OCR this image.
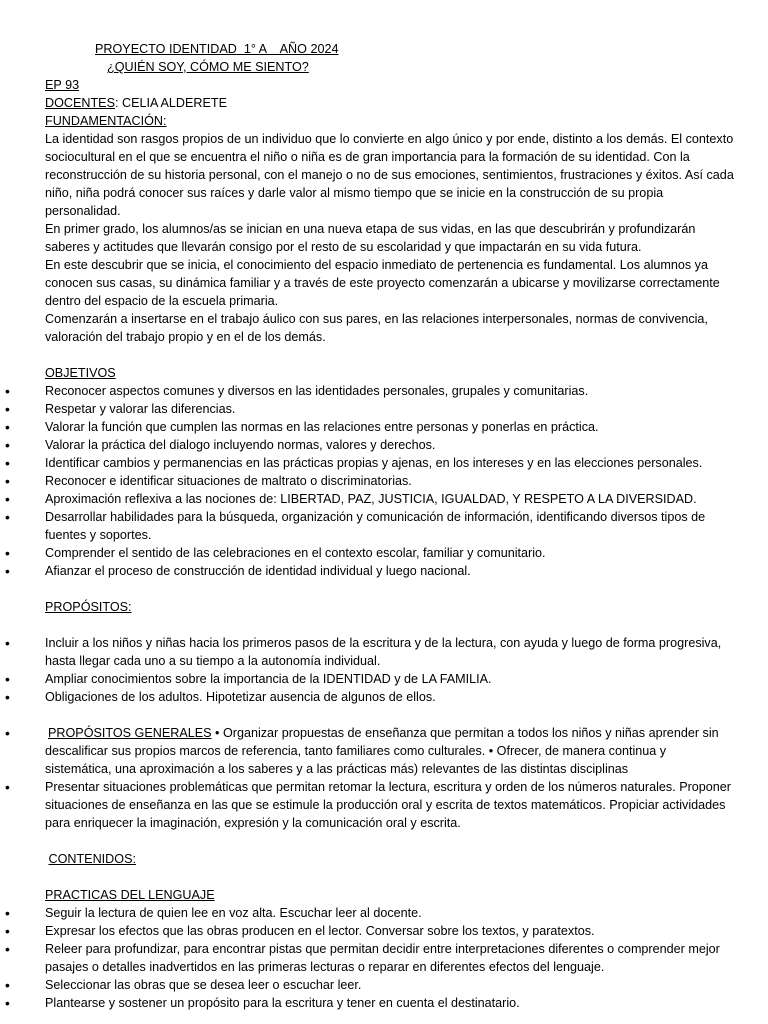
PROYECTO IDENTIDAD  1° A    AÑO 2024
¿QUIÉN SOY, CÓMO ME SIENTO?
EP 93
DOCENTES: CELIA ALDERETE
FUNDAMENTACIÓN:

La identidad son rasgos propios de un individuo que lo convierte en algo único y por ende, distinto a los demás. El contexto sociocultural en el que se encuentra el niño o niña es de gran importancia para la formación de su identidad. Con la reconstrucción de su historia personal, con el manejo o no de sus emociones, sentimientos, frustraciones y éxitos. Así cada niño, niña podrá conocer sus raíces y darle valor al mismo tiempo que se inicie en la construcción de su propia personalidad.

En primer grado, los alumnos/as se inician en una nueva etapa de sus vidas, en las que descubrirán y profundizarán saberes y actitudes que llevarán consigo por el resto de su escolaridad y que impactarán en su vida futura.

En este descubrir que se inicia, el conocimiento del espacio inmediato de pertenencia es fundamental. Los alumnos ya conocen sus casas, su dinámica familiar y a través de este proyecto comenzarán a ubicarse y movilizarse correctamente dentro del espacio de la escuela primaria.

Comenzarán a insertarse en el trabajo áulico con sus pares, en las relaciones interpersonales, normas de convivencia, valoración del trabajo propio y en el de los demás.

OBJETIVOS
• Reconocer aspectos comunes y diversos en las identidades personales, grupales y comunitarias.
• Respetar y valorar las diferencias.
• Valorar la función que cumplen las normas en las relaciones entre personas y ponerlas en práctica.
• Valorar la práctica del dialogo incluyendo normas, valores y derechos.
• Identificar cambios y permanencias en las prácticas propias y ajenas, en los intereses y en las elecciones personales.
• Reconocer e identificar situaciones de maltrato o discriminatorias.
• Aproximación reflexiva a las nociones de: LIBERTAD, PAZ, JUSTICIA, IGUALDAD, Y RESPETO A LA DIVERSIDAD.
• Desarrollar habilidades para la búsqueda, organización y comunicación de información, identificando diversos tipos de fuentes y soportes.
• Comprender el sentido de las celebraciones en el contexto escolar, familiar y comunitario.
• Afianzar el proceso de construcción de identidad individual y luego nacional.
PROPÓSITOS:
• Incluir a los niños y niñas hacia los primeros pasos de la escritura y de la lectura, con ayuda y luego de forma progresiva, hasta llegar cada uno a su tiempo a la autonomía individual.
• Ampliar conocimientos sobre la importancia de la IDENTIDAD y de LA FAMILIA.
• Obligaciones de los adultos. Hipotetizar ausencia de algunos de ellos.
• PROPÓSITOS GENERALES • Organizar propuestas de enseñanza que permitan a todos los niños y niñas aprender sin descalificar sus propios marcos de referencia, tanto familiares como culturales. • Ofrecer, de manera continua y sistemática, una aproximación a los saberes y a las prácticas más) relevantes de las distintas disciplinas
• Presentar situaciones problemáticas que permitan retomar la lectura, escritura y orden de los números naturales. Proponer situaciones de enseñanza en las que se estimule la producción oral y escrita de textos matemáticos. Propiciar actividades para enriquecer la imaginación, expresión y la comunicación oral y escrita.
CONTENIDOS:
PRACTICAS DEL LENGUAJE
• Seguir la lectura de quien lee en voz alta. Escuchar leer al docente.
• Expresar los efectos que las obras producen en el lector. Conversar sobre los textos, y paratextos.
• Releer para profundizar, para encontrar pistas que permitan decidir entre interpretaciones diferentes o comprender mejor pasajes o detalles inadvertidos en las primeras lecturas o reparar en diferentes efectos del lenguaje.
• Seleccionar las obras que se desea leer o escuchar leer.
• Plantearse y sostener un propósito para la escritura y tener en cuenta el destinatario.
